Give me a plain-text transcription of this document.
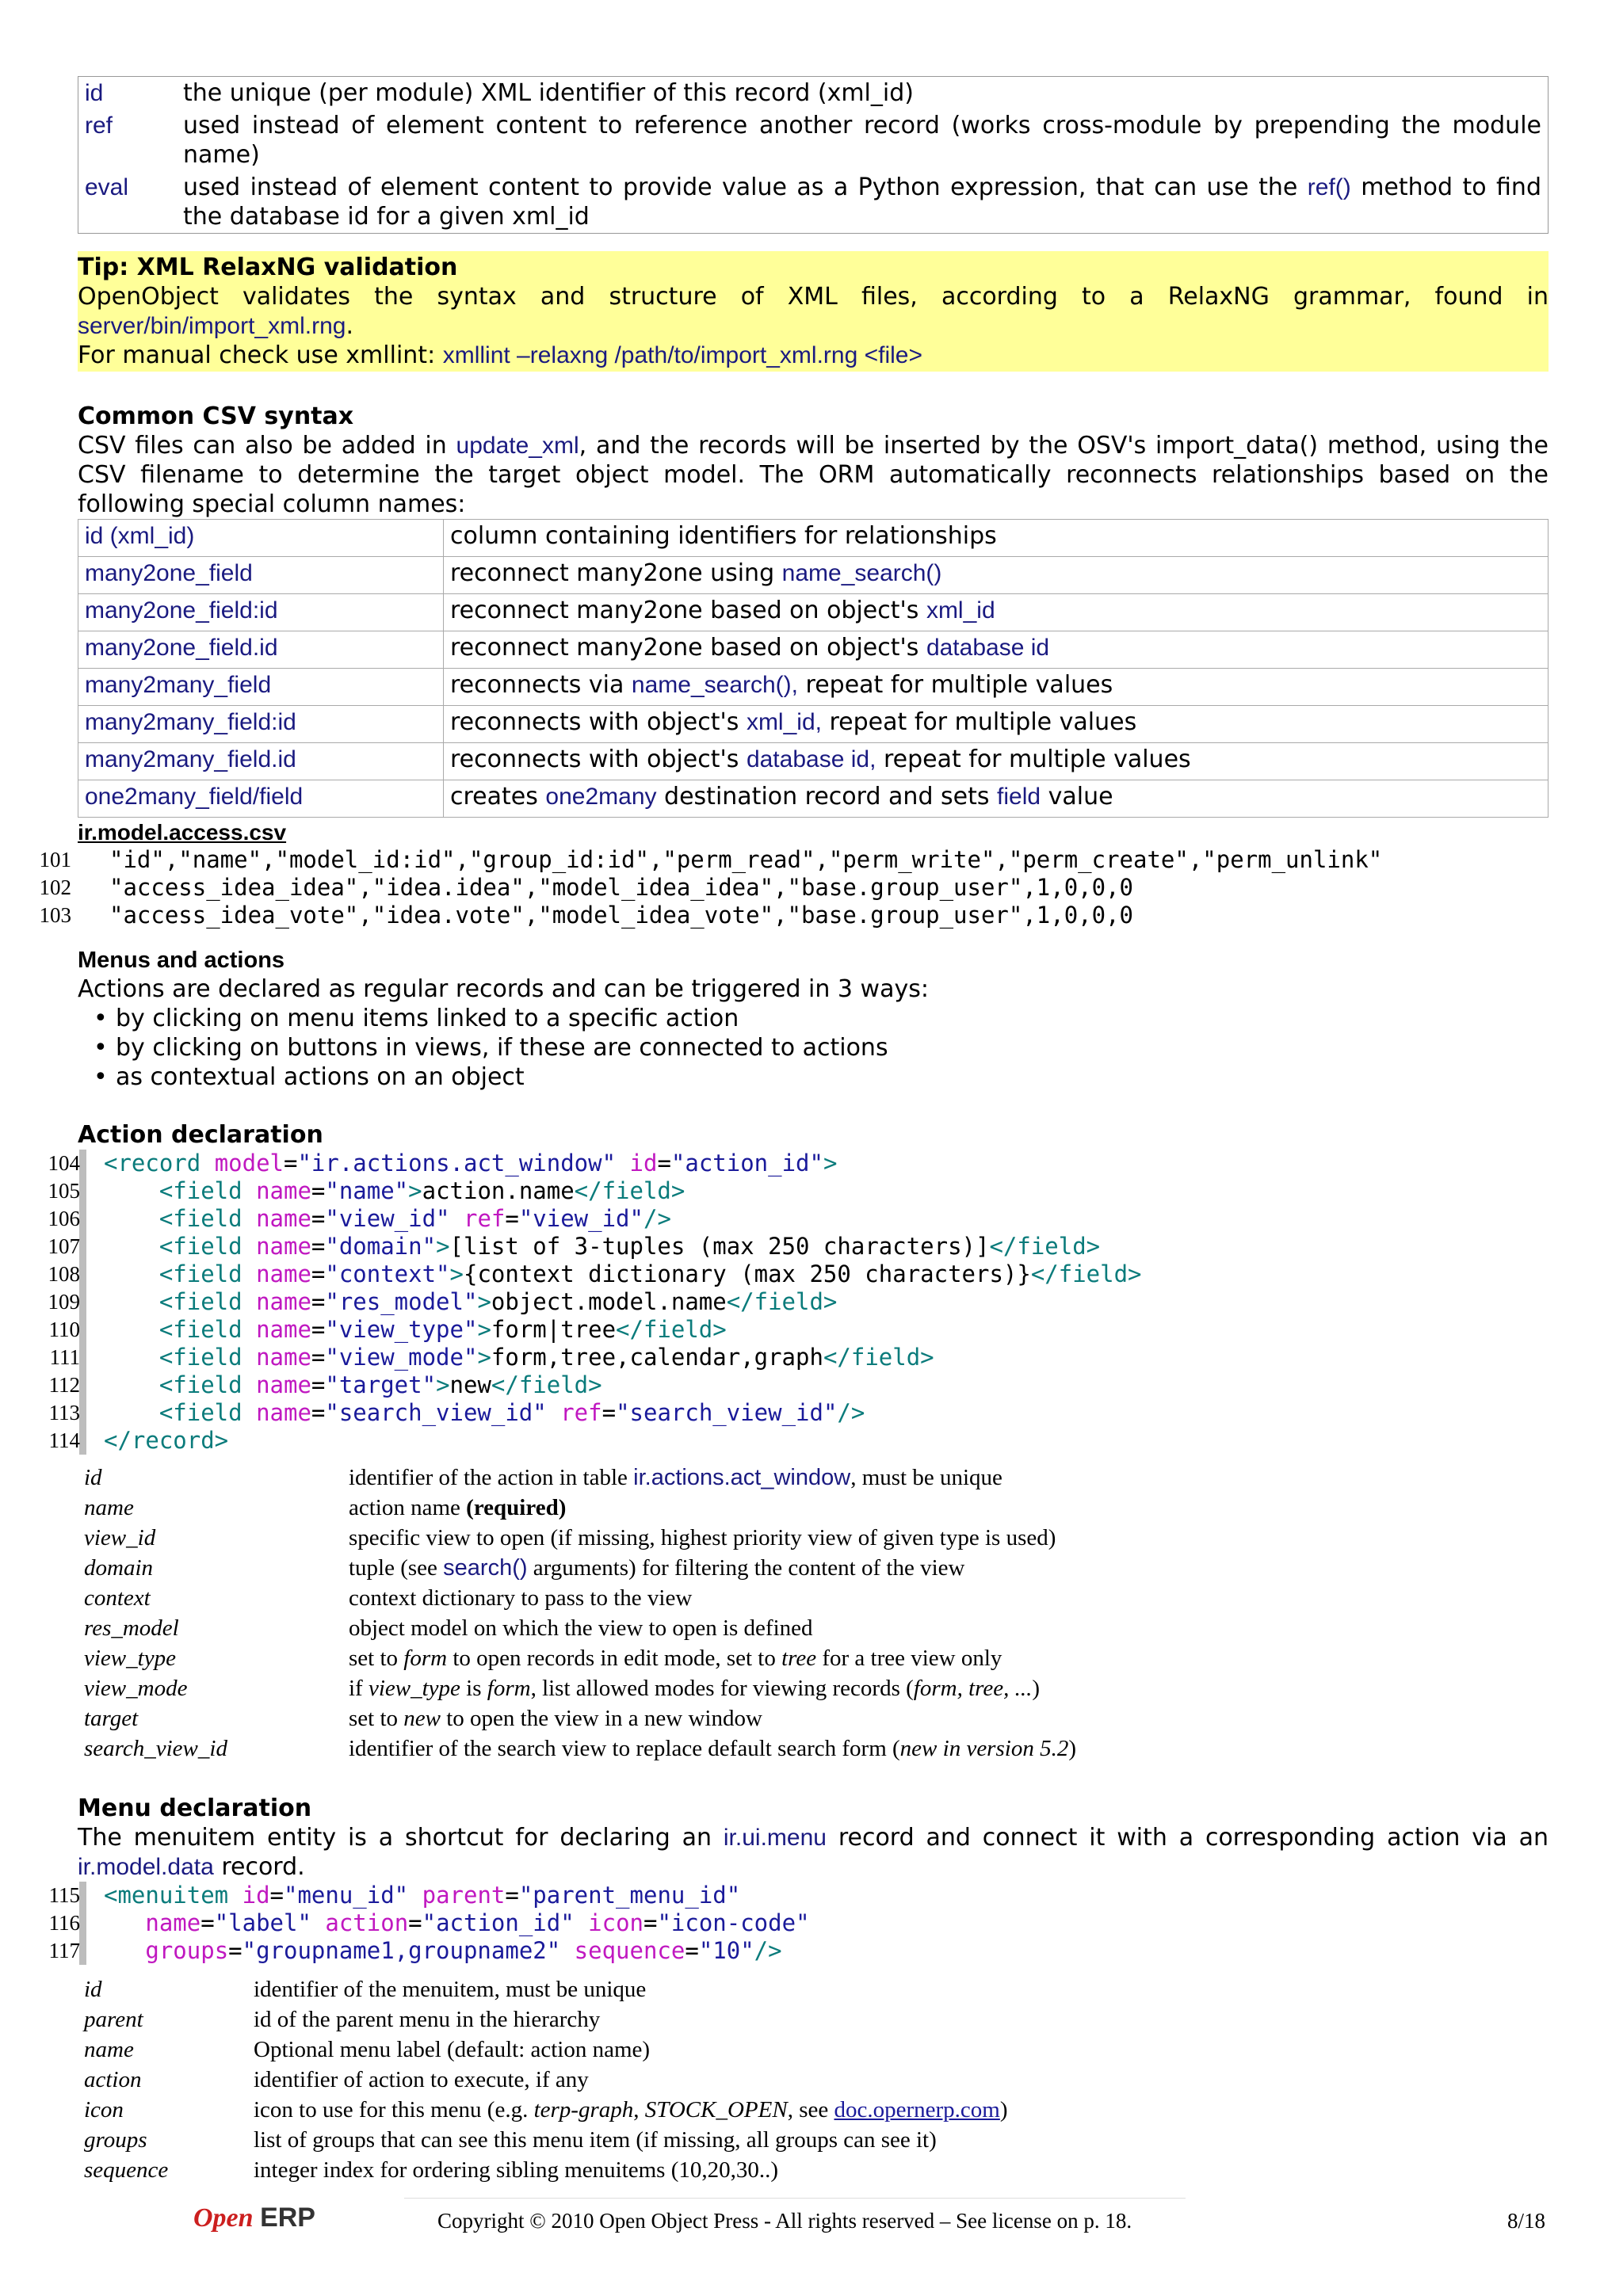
id	the unique (per module) XML identifier of this record (xml_id)
ref	used instead of element content to reference another record (works cross-module by prepending the module name)
eval	used instead of element content to provide value as a Python expression, that can use the ref() method to find the database id for a given xml_id
Tip: XML RelaxNG validation
OpenObject validates the syntax and structure of XML files, according to a RelaxNG grammar, found in
server/bin/import_xml.rng.
For manual check use xmllint: xmllint –relaxng /path/to/import_xml.rng <file>
Common CSV syntax

CSV files can also be added in update_xml, and the records will be inserted by the OSV's import_data() method, using the CSV filename to determine the target object model. The ORM automatically reconnects relationships based on the following special column names:

id (xml_id)	column containing identifiers for relationships
many2one_field	reconnect many2one using name_search()
many2one_field:id	reconnect many2one based on object's xml_id
many2one_field.id	reconnect many2one based on object's database id
many2many_field	reconnects via name_search(), repeat for multiple values
many2many_field:id	reconnects with object's xml_id, repeat for multiple values
many2many_field.id	reconnects with object's database id, repeat for multiple values
one2many_field/field	creates one2many destination record and sets field value
ir.model.access.csv
101 "id","name","model_id:id","group_id:id","perm_read","perm_write","perm_create","perm_unlink"
102 "access_idea_idea","idea.idea","model_idea_idea","base.group_user",1,0,0,0
103 "access_idea_vote","idea.vote","model_idea_vote","base.group_user",1,0,0,0
Menus and actions

Actions are declared as regular records and can be triggered in 3 ways:

• by clicking on menu items linked to a specific action
• by clicking on buttons in views, if these are connected to actions
• as contextual actions on an object
Action declaration
104 <record model="ir.actions.act_window" id="action_id">
105	<field name="name">action.name</field>
106	<field name="view_id" ref="view_id"/>
107	<field name="domain">[list of 3-tuples (max 250 characters)]</field>
108	<field name="context">{context dictionary (max 250 characters)}</field>
109	<field name="res_model">object.model.name</field>
110	<field name="view_type">form|tree</field>
111	<field name="view_mode">form,tree,calendar,graph</field>
112	<field name="target">new</field>
113	<field name="search_view_id" ref="search_view_id"/>
114 </record>
id	identifier of the action in table ir.actions.act_window, must be unique
name	action name (required)
view_id	specific view to open (if missing, highest priority view of given type is used)
domain	tuple (see search() arguments) for filtering the content of the view
context	context dictionary to pass to the view
res_model	object model on which the view to open is defined
view_type	set to form to open records in edit mode, set to tree for a tree view only
view_mode	if view_type is form, list allowed modes for viewing records (form, tree, ...)
target	set to new to open the view in a new window
search_view_id	identifier of the search view to replace default search form (new in version 5.2)
Menu declaration

The menuitem entity is a shortcut for declaring an ir.ui.menu record and connect it with a corresponding action via an ir.model.data record.

115 <menuitem id="menu_id" parent="parent_menu_id"
116	name="label" action="action_id" icon="icon-code"
117	groups="groupname1,groupname2" sequence="10"/>
id	identifier of the menuitem, must be unique
parent	id of the parent menu in the hierarchy
name	Optional menu label (default: action name)
action	identifier of action to execute, if any
icon	icon to use for this menu (e.g. terp-graph, STOCK_OPEN, see doc.opernerp.com)
groups	list of groups that can see this menu item (if missing, all groups can see it)
sequence	integer index for ordering sibling menuitems (10,20,30..)
Open ERP	Copyright © 2010 Open Object Press - All rights reserved – See license on p. 18.	8/18
